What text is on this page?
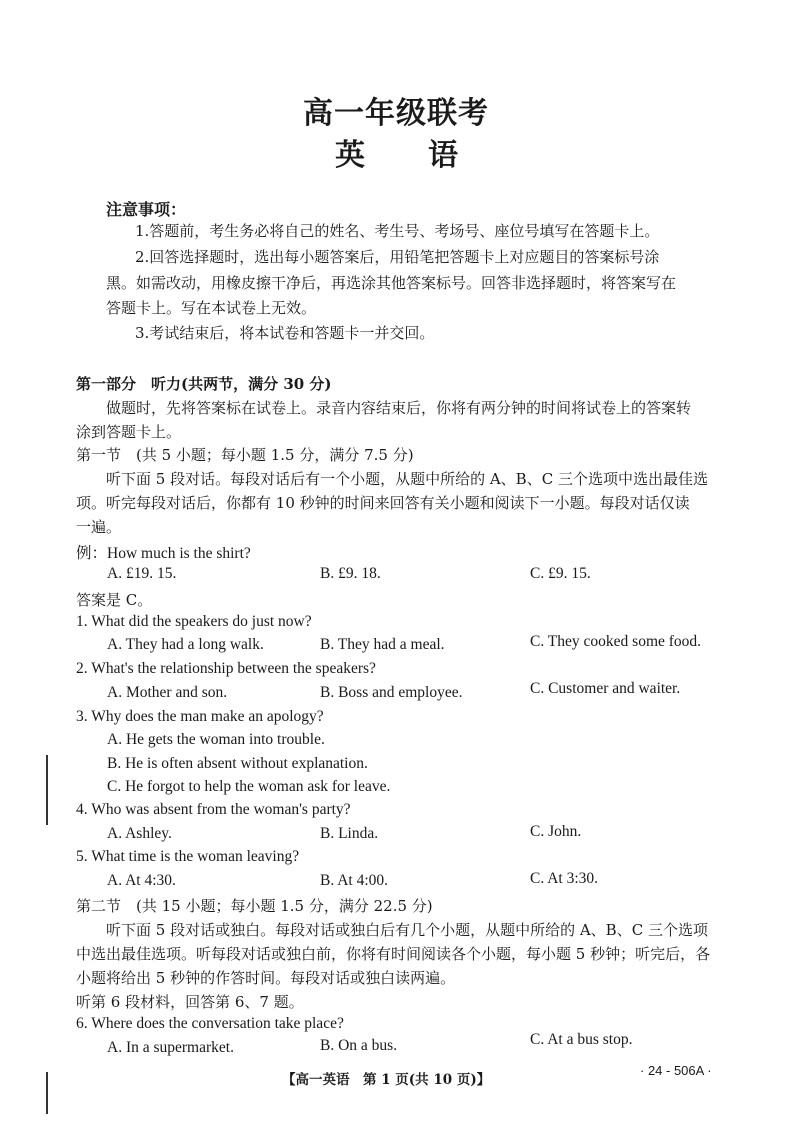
高一年级联考
英 语
注意事项：
1.答题前，考生务必将自己的姓名、考生号、考场号、座位号填写在答题卡上。
2.回答选择题时，选出每小题答案后，用铅笔把答题卡上对应题目的答案标号涂
黑。如需改动，用橡皮擦干净后，再选涂其他答案标号。回答非选择题时，将答案写在
答题卡上。写在本试卷上无效。
3.考试结束后，将本试卷和答题卡一并交回。
第一部分　听力(共两节，满分 30 分)
做题时，先将答案标在试卷上。录音内容结束后，你将有两分钟的时间将试卷上的答案转
涂到答题卡上。
第一节　(共 5 小题；每小题 1.5 分，满分 7.5 分)
听下面 5 段对话。每段对话后有一个小题，从题中所给的 A、B、C 三个选项中选出最佳选
项。听完每段对话后，你都有 10 秒钟的时间来回答有关小题和阅读下一小题。每段对话仅读
一遍。
例：How much is the shirt?
A. £19. 15.	B. £9. 18.	C. £9. 15.
答案是 C。
1. What did the speakers do just now?
A. They had a long walk.	B. They had a meal.	C. They cooked some food.
2. What's the relationship between the speakers?
A. Mother and son.	B. Boss and employee.	C. Customer and waiter.
3. Why does the man make an apology?
A. He gets the woman into trouble.
B. He is often absent without explanation.
C. He forgot to help the woman ask for leave.
4. Who was absent from the woman's party?
A. Ashley.	B. Linda.	C. John.
5. What time is the woman leaving?
A. At 4:30.	B. At 4:00.	C. At 3:30.
第二节　(共 15 小题；每小题 1.5 分，满分 22.5 分)
听下面 5 段对话或独白。每段对话或独白后有几个小题，从题中所给的 A、B、C 三个选项
中选出最佳选项。听每段对话或独白前，你将有时间阅读各个小题，每小题 5 秒钟；听完后，各
小题将给出 5 秒钟的作答时间。每段对话或独白读两遍。
听第 6 段材料，回答第 6、7 题。
6. Where does the conversation take place?
A. In a supermarket.	B. On a bus.	C. At a bus stop.
【高一英语　第 1 页(共 10 页)】
· 24 - 506A ·
